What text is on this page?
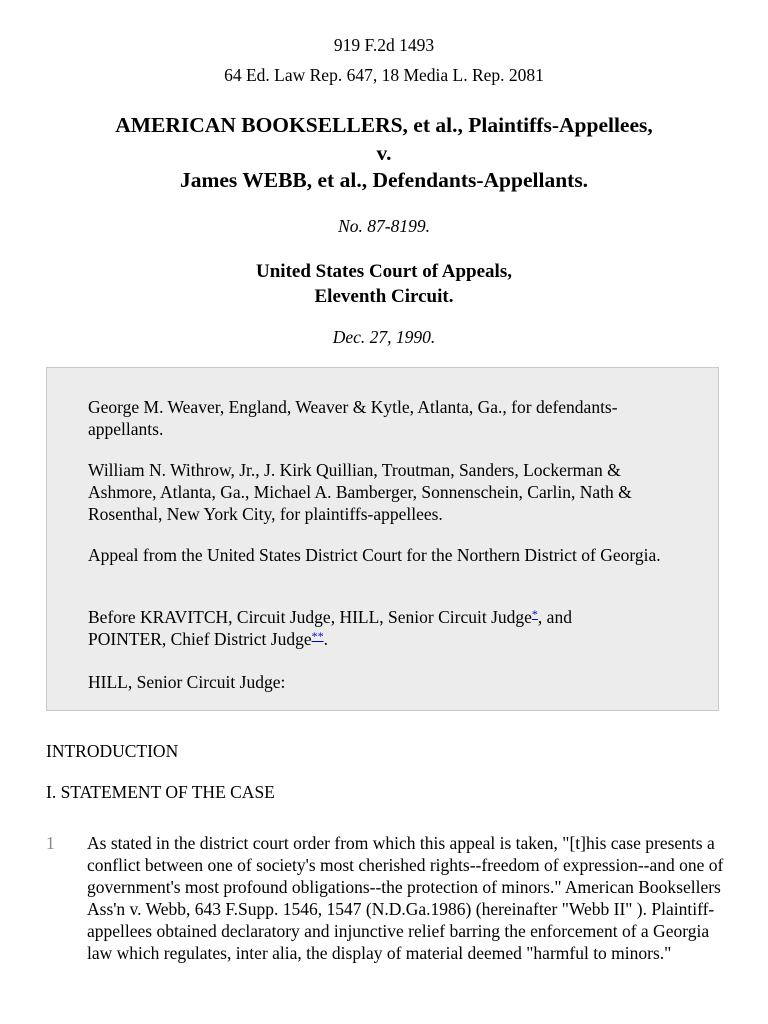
919 F.2d 1493
64 Ed. Law Rep. 647, 18 Media L. Rep. 2081
AMERICAN BOOKSELLERS, et al., Plaintiffs-Appellees,
v.
James WEBB, et al., Defendants-Appellants.
No. 87-8199.
United States Court of Appeals,
Eleventh Circuit.
Dec. 27, 1990.

George M. Weaver, England, Weaver & Kytle, Atlanta, Ga., for defendants-appellants.

William N. Withrow, Jr., J. Kirk Quillian, Troutman, Sanders, Lockerman & Ashmore, Atlanta, Ga., Michael A. Bamberger, Sonnenschein, Carlin, Nath & Rosenthal, New York City, for plaintiffs-appellees.

Appeal from the United States District Court for the Northern District of Georgia.

Before KRAVITCH, Circuit Judge, HILL, Senior Circuit Judge*, and
POINTER, Chief District Judge**.

HILL, Senior Circuit Judge:

INTRODUCTION
I. STATEMENT OF THE CASE
1 As stated in the district court order from which this appeal is taken, "[t]his case presents a conflict between one of society's most cherished rights--freedom of expression--and one of government's most profound obligations--the protection of minors." American Booksellers Ass'n v. Webb, 643 F.Supp. 1546, 1547 (N.D.Ga.1986) (hereinafter "Webb II" ). Plaintiff-appellees obtained declaratory and injunctive relief barring the enforcement of a Georgia law which regulates, inter alia, the display of material deemed "harmful to minors."
